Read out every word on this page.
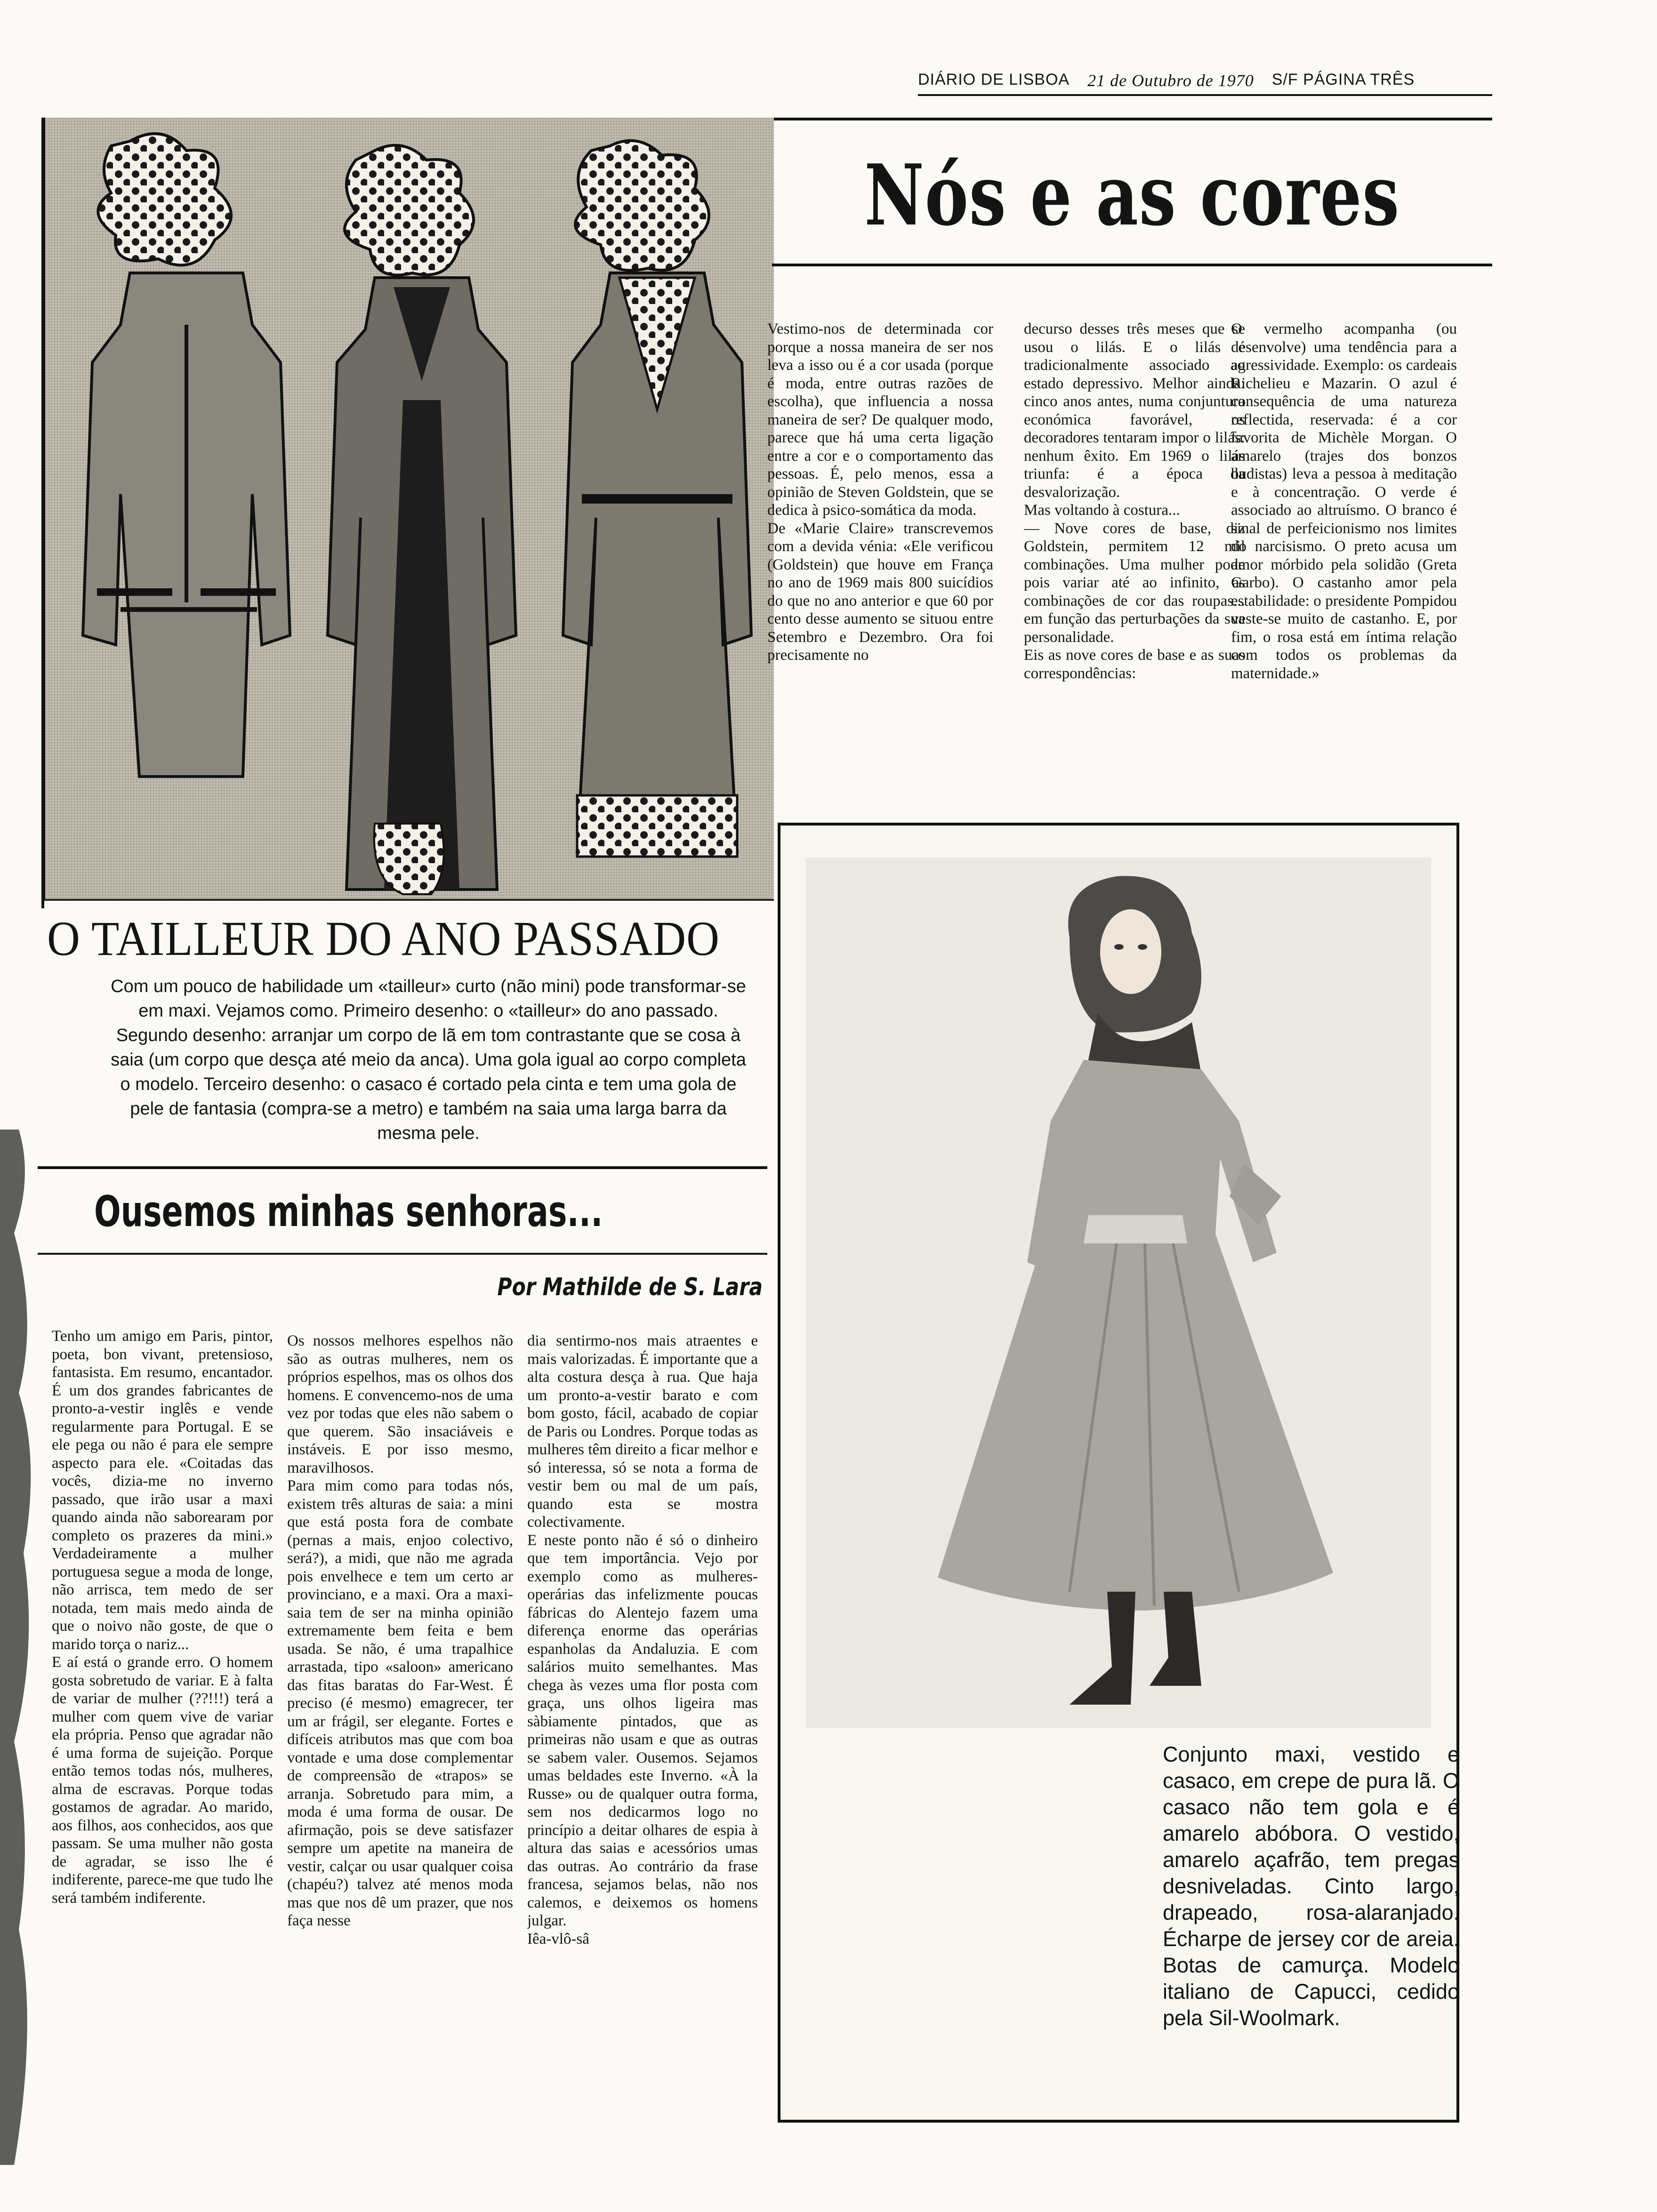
DIÁRIO DE LISBOA 21 de Outubro de 1970 S/F PÁGINA TRÊS
Nós e as cores
Vestimo-nos de determinada cor porque a nossa maneira de ser nos leva a isso ou é a cor usada (porque é moda, entre outras razões de escolha), que influencia a nossa maneira de ser? De qualquer modo, parece que há uma certa ligação entre a cor e o comportamento das pessoas. É, pelo menos, essa a opinião de Steven Goldstein, que se dedica à psico-somática da moda.
De «Marie Claire» transcrevemos com a devida vénia: «Ele verificou (Goldstein) que houve em França no ano de 1969 mais 800 suicídios do que no ano anterior e que 60 por cento desse aumento se situou entre Setembro e Dezembro. Ora foi precisamente no
decurso desses três meses que se usou o lilás. E o lilás é tradicionalmente associado ao estado depressivo. Melhor ainda: cinco anos antes, numa conjuntura económica favorável, os decoradores tentaram impor o lilás: nenhum êxito. Em 1969 o lilás triunfa: é a época da desvalorização.
Mas voltando à costura...
— Nove cores de base, diz Goldstein, permitem 12 mil combinações. Uma mulher pode pois variar até ao infinito, as combinações de cor das roupas... em função das perturbações da sua personalidade.
Eis as nove cores de base e as suas correspondências:
O vermelho acompanha (ou desenvolve) uma tendência para a agressividade. Exemplo: os cardeais Richelieu e Mazarin. O azul é consequência de uma natureza reflectida, reservada: é a cor favorita de Michèle Morgan. O amarelo (trajes dos bonzos budistas) leva a pessoa à meditação e à concentração. O verde é associado ao altruísmo. O branco é sinal de perfeicionismo nos limites do narcisismo. O preto acusa um amor mórbido pela solidão (Greta Garbo). O castanho amor pela estabilidade: o presidente Pompidou veste-se muito de castanho. E, por fim, o rosa está em íntima relação com todos os problemas da maternidade.»
O TAILLEUR DO ANO PASSADO
Com um pouco de habilidade um «tailleur» curto (não mini) pode transformar-se em maxi. Vejamos como. Primeiro desenho: o «tailleur» do ano passado. Segundo desenho: arranjar um corpo de lã em tom contrastante que se cosa à saia (um corpo que desça até meio da anca). Uma gola igual ao corpo completa o modelo. Terceiro desenho: o casaco é cortado pela cinta e tem uma gola de pele de fantasia (compra-se a metro) e também na saia uma larga barra da mesma pele.
Ousemos minhas senhoras...
Por Mathilde de S. Lara
Tenho um amigo em Paris, pintor, poeta, bon vivant, pretensioso, fantasista. Em resumo, encantador. É um dos grandes fabricantes de pronto-a-vestir inglês e vende regularmente para Portugal. E se ele pega ou não é para ele sempre aspecto para ele. «Coitadas das vocês, dizia-me no inverno passado, que irão usar a maxi quando ainda não saborearam por completo os prazeres da mini.» Verdadeiramente a mulher portuguesa segue a moda de longe, não arrisca, tem medo de ser notada, tem mais medo ainda de que o noivo não goste, de que o marido torça o nariz...
E aí está o grande erro. O homem gosta sobretudo de variar. E à falta de variar de mulher (??!!!) terá a mulher com quem vive de variar ela própria. Penso que agradar não é uma forma de sujeição. Porque então temos todas nós, mulheres, alma de escravas. Porque todas gostamos de agradar. Ao marido, aos filhos, aos conhecidos, aos que passam. Se uma mulher não gosta de agradar, se isso lhe é indiferente, parece-me que tudo lhe será também indiferente.
Os nossos melhores espelhos não são as outras mulheres, nem os próprios espelhos, mas os olhos dos homens. E convencemo-nos de uma vez por todas que eles não sabem o que querem. São insaciáveis e instáveis. E por isso mesmo, maravilhosos.
Para mim como para todas nós, existem três alturas de saia: a mini que está posta fora de combate (pernas a mais, enjoo colectivo, será?), a midi, que não me agrada pois envelhece e tem um certo ar provinciano, e a maxi. Ora a maxi-saia tem de ser na minha opinião extremamente bem feita e bem usada. Se não, é uma trapalhice arrastada, tipo «saloon» americano das fitas baratas do Far-West. É preciso (é mesmo) emagrecer, ter um ar frágil, ser elegante. Fortes e difíceis atributos mas que com boa vontade e uma dose complementar de compreensão de «trapos» se arranja. Sobretudo para mim, a moda é uma forma de ousar. De afirmação, pois se deve satisfazer sempre um apetite na maneira de vestir, calçar ou usar qualquer coisa (chapéu?) talvez até menos moda mas que nos dê um prazer, que nos faça nesse
dia sentirmo-nos mais atraentes e mais valorizadas. É importante que a alta costura desça à rua. Que haja um pronto-a-vestir barato e com bom gosto, fácil, acabado de copiar de Paris ou Londres. Porque todas as mulheres têm direito a ficar melhor e só interessa, só se nota a forma de vestir bem ou mal de um país, quando esta se mostra colectivamente.
E neste ponto não é só o dinheiro que tem importância. Vejo por exemplo como as mulheres-operárias das infelizmente poucas fábricas do Alentejo fazem uma diferença enorme das operárias espanholas da Andaluzia. E com salários muito semelhantes. Mas chega às vezes uma flor posta com graça, uns olhos ligeira mas sàbiamente pintados, que as primeiras não usam e que as outras se sabem valer. Ousemos. Sejamos umas beldades este Inverno. «À la Russe» ou de qualquer outra forma, sem nos dedicarmos logo no princípio a deitar olhares de espia à altura das saias e acessórios umas das outras. Ao contrário da frase francesa, sejamos belas, não nos calemos, e deixemos os homens julgar.
Iêa-vlô-sâ
Conjunto maxi, vestido e casaco, em crepe de pura lã. O casaco não tem gola e é amarelo abóbora. O vestido, amarelo açafrão, tem pregas desniveladas. Cinto largo, drapeado, rosa-alaranjado. Écharpe de jersey cor de areia. Botas de camurça. Modelo italiano de Capucci, cedido pela Sil-Woolmark.
